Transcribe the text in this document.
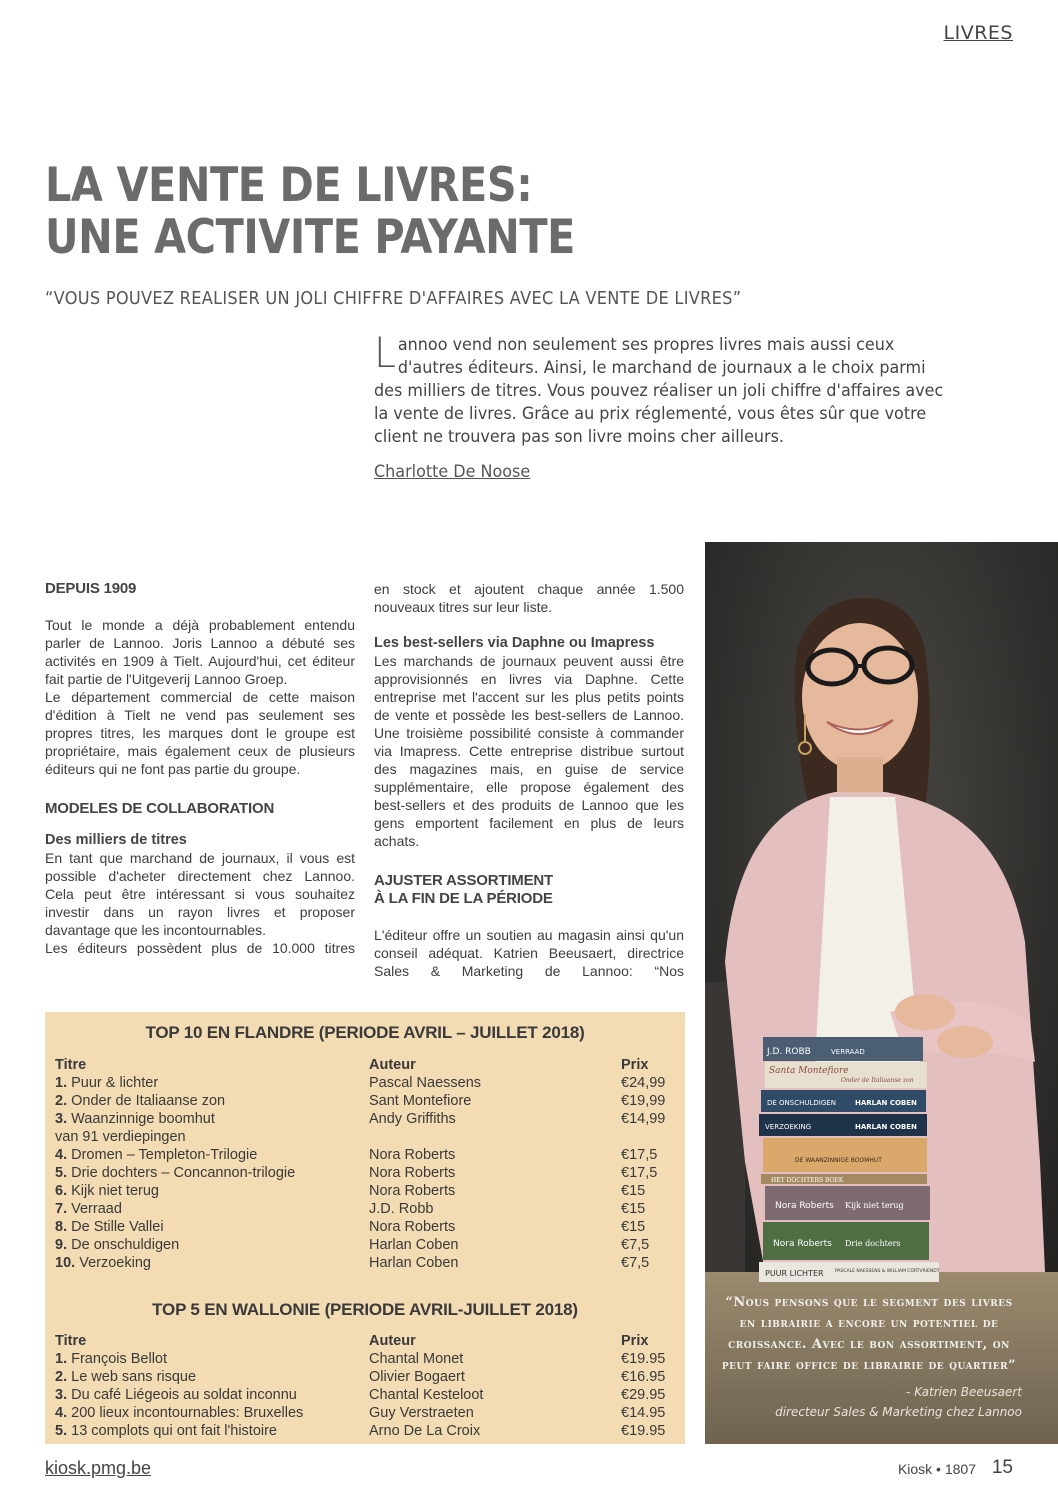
LIVRES
LA VENTE DE LIVRES:
UNE ACTIVITE PAYANTE
“VOUS POUVEZ REALISER UN JOLI CHIFFRE D'AFFAIRES AVEC LA VENTE DE LIVRES”
Lannoo vend non seulement ses propres livres mais aussi ceux d'autres éditeurs. Ainsi, le marchand de journaux a le choix parmi des milliers de titres. Vous pouvez réaliser un joli chiffre d'affaires avec la vente de livres. Grâce au prix réglementé, vous êtes sûr que votre client ne trouvera pas son livre moins cher ailleurs.
Charlotte De Noose
DEPUIS 1909

Tout le monde a déjà probablement entendu parler de Lannoo. Joris Lannoo a débuté ses activités en 1909 à Tielt. Aujourd'hui, cet éditeur fait partie de l'Uitgeverij Lannoo Groep.

Le département commercial de cette maison d'édition à Tielt ne vend pas seulement ses propres titres, les marques dont le groupe est propriétaire, mais également ceux de plusieurs éditeurs qui ne font pas partie du groupe.

MODELES DE COLLABORATION
Des milliers de titres

En tant que marchand de journaux, il vous est possible d'acheter directement chez Lannoo. Cela peut être intéressant si vous souhaitez investir dans un rayon livres et proposer davantage que les incontournables.

Les éditeurs possèdent plus de 10.000 titres

en stock et ajoutent chaque année 1.500 nouveaux titres sur leur liste.

Les best-sellers via Daphne ou Imapress

Les marchands de journaux peuvent aussi être approvisionnés en livres via Daphne. Cette entreprise met l'accent sur les plus petits points de vente et possède les best-sellers de Lannoo. Une troisième possibilité consiste à commander via Imapress. Cette entreprise distribue surtout des magazines mais, en guise de service supplémentaire, elle propose également des best-sellers et des produits de Lannoo que les gens emportent facilement en plus de leurs achats.

AJUSTER ASSORTIMENT
À LA FIN DE LA PÉRIODE

L'éditeur offre un soutien au magasin ainsi qu'un conseil adéquat. Katrien Beeusaert, directrice Sales & Marketing de Lannoo: “Nos

J.D. ROBB	VERRAAD
Santa Montefiore
Onder de Italiaanse zon
DE ONSCHULDIGEN	HARLAN COBEN
VERZOEKING	HARLAN COBEN
DE WAANZINNIGE BOOMHUT
HET DOCHTERS BOEK
Nora Roberts Kijk niet terug
Nora Roberts Drie dochters
PUUR LICHTER	PASCALE NAESSENS & WILLIAM CORTVRIENDT
“Nous pensons que le segment des livres en librairie a encore un potentiel de croissance. Avec le bon assortiment, on peut faire office de librairie de quartier”
- Katrien Beeusaert
directeur Sales & Marketing chez Lannoo
TOP 10 EN FLANDRE (PERIODE AVRIL – JUILLET 2018)
Titre	Auteur	Prix
1. Puur & lichter	Pascal Naessens	€24,99
2. Onder de Italiaanse zon	Sant Montefiore	€19,99
3. Waanzinnige boomhut	Andy Griffiths	€14,99
van 91 verdiepingen
4. Dromen – Templeton-Trilogie	Nora Roberts	€17,5
5. Drie dochters – Concannon-trilogie	Nora Roberts	€17,5
6. Kijk niet terug	Nora Roberts	€15
7. Verraad	J.D. Robb	€15
8. De Stille Vallei	Nora Roberts	€15
9. De onschuldigen	Harlan Coben	€7,5
10. Verzoeking	Harlan Coben	€7,5
TOP 5 EN WALLONIE (PERIODE AVRIL-JUILLET 2018)
Titre	Auteur	Prix
1. François Bellot	Chantal Monet	€19.95
2. Le web sans risque	Olivier Bogaert	€16.95
3. Du café Liégeois au soldat inconnu	Chantal Kesteloot	€29.95
4. 200 lieux incontournables: Bruxelles	Guy Verstraeten	€14.95
5. 13 complots qui ont fait l'histoire	Arno De La Croix	€19.95
kiosk.pmg.be	Kiosk • 1807 15
